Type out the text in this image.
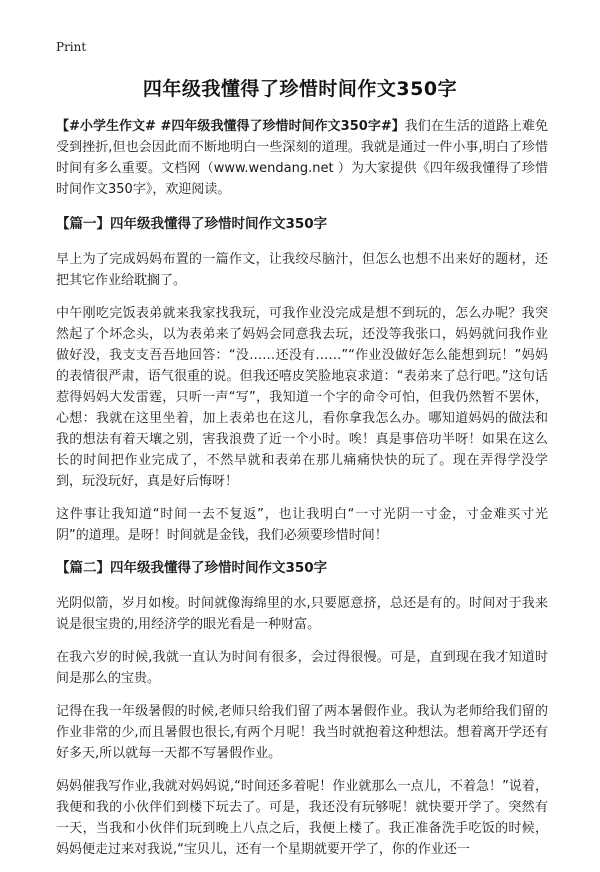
Print
四年级我懂得了珍惜时间作文350字

【#小学生作文# #四年级我懂得了珍惜时间作文350字#】我们在生活的道路上难免受到挫折,但也会因此而不断地明白一些深刻的道理。我就是通过一件小事,明白了珍惜时间有多么重要。文档网（www.wendang.net ）为大家提供《四年级我懂得了珍惜时间作文350字》，欢迎阅读。

【篇一】四年级我懂得了珍惜时间作文350字

早上为了完成妈妈布置的一篇作文，让我绞尽脑汁，但怎么也想不出来好的题材，还把其它作业给耽搁了。

中午刚吃完饭表弟就来我家找我玩，可我作业没完成是想不到玩的，怎么办呢？我突然起了个坏念头，以为表弟来了妈妈会同意我去玩，还没等我张口，妈妈就问我作业做好没，我支支吾吾地回答：“没……还没有……”“作业没做好怎么能想到玩！”妈妈的表情很严肃，语气很重的说。但我还嘻皮笑脸地哀求道：“表弟来了总行吧。”这句话惹得妈妈大发雷霆，只听一声“写”，我知道一个字的命令可怕，但我仍然暂不罢休，心想：我就在这里坐着，加上表弟也在这儿，看你拿我怎么办。哪知道妈妈的做法和我的想法有着天壤之别，害我浪费了近一个小时。唉！真是事倍功半呀！如果在这么长的时间把作业完成了，不然早就和表弟在那儿痛痛快快的玩了。现在弄得学没学到，玩没玩好，真是好后悔呀！

这件事让我知道“时间一去不复返”，也让我明白“一寸光阴一寸金，寸金难买寸光阴”的道理。是呀！时间就是金钱，我们必须要珍惜时间！

【篇二】四年级我懂得了珍惜时间作文350字

光阴似箭，岁月如梭。时间就像海绵里的水,只要愿意挤，总还是有的。时间对于我来说是很宝贵的,用经济学的眼光看是一种财富。

在我六岁的时候,我就一直认为时间有很多，会过得很慢。可是，直到现在我才知道时间是那么的宝贵。

记得在我一年级暑假的时候,老师只给我们留了两本暑假作业。我认为老师给我们留的作业非常的少,而且暑假也很长,有两个月呢！我当时就抱着这种想法。想着离开学还有好多天,所以就每一天都不写暑假作业。

妈妈催我写作业,我就对妈妈说,“时间还多着呢！作业就那么一点儿，不着急！”说着，我便和我的小伙伴们到楼下玩去了。可是，我还没有玩够呢！就快要开学了。突然有一天，当我和小伙伴们玩到晚上八点之后，我便上楼了。我正准备洗手吃饭的时候，妈妈便走过来对我说,“宝贝儿，还有一个星期就要开学了，你的作业还一
